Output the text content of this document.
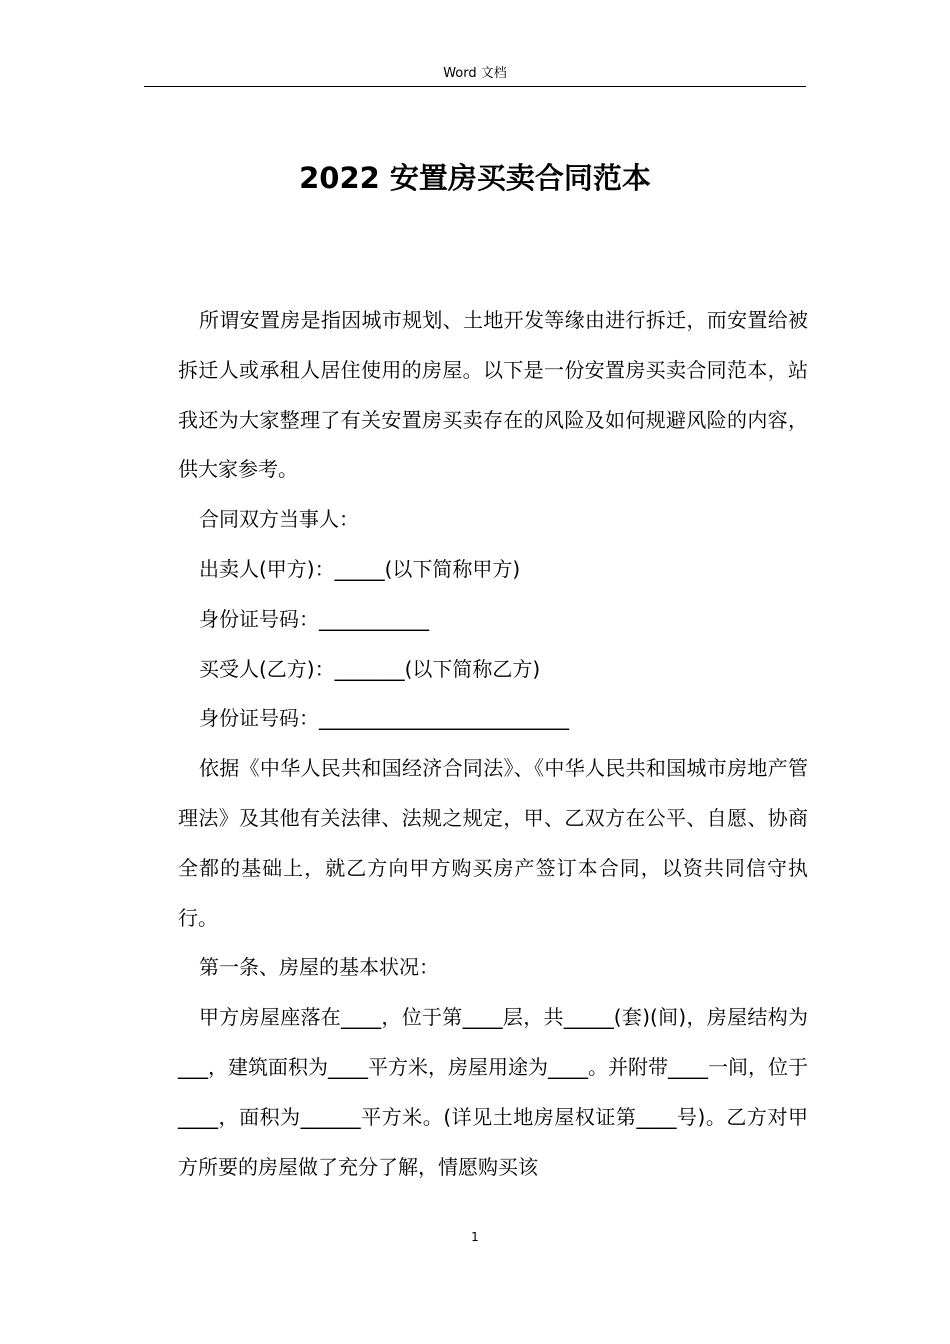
Word 文档
2022 安置房买卖合同范本

所谓安置房是指因城市规划、土地开发等缘由进行拆迁，而安置给被拆迁人或承租人居住使用的房屋。以下是一份安置房买卖合同范本，站我还为大家整理了有关安置房买卖存在的风险及如何规避风险的内容，供大家参考。

合同双方当事人：

出卖人(甲方)：_____(以下简称甲方)

身份证号码：___________

买受人(乙方)：_______(以下简称乙方)

身份证号码：_________________________

依据《中华人民共和国经济合同法》、《中华人民共和国城市房地产管理法》及其他有关法律、法规之规定，甲、乙双方在公平、自愿、协商全都的基础上，就乙方向甲方购买房产签订本合同，以资共同信守执行。

第一条、房屋的基本状况：

甲方房屋座落在____，位于第____层，共_____(套)(间)，房屋结构为___，建筑面积为____平方米，房屋用途为____。并附带____一间，位于____，面积为______平方米。(详见土地房屋权证第____号)。乙方对甲方所要的房屋做了充分了解，情愿购买该

1
